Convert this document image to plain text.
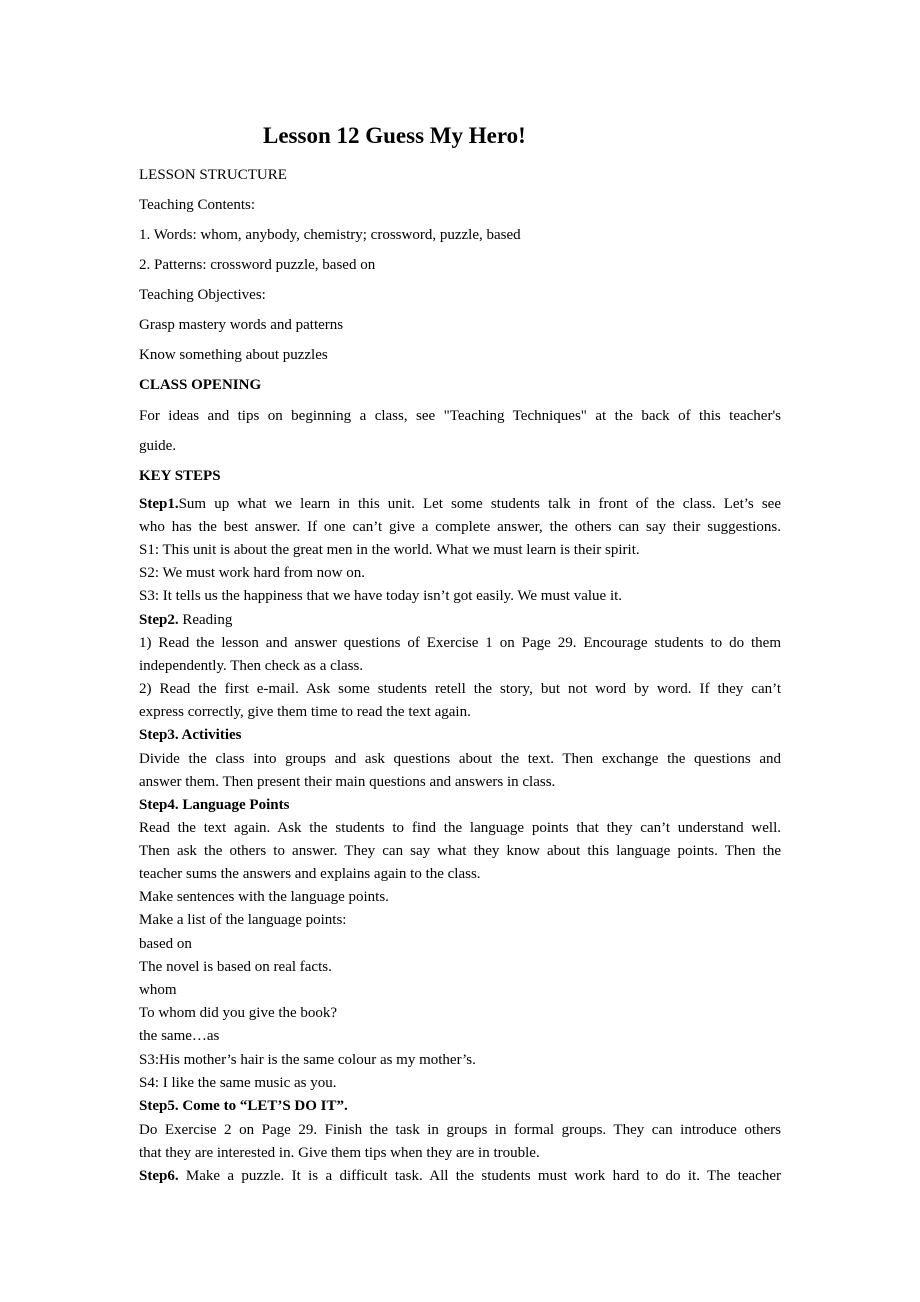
Lesson 12 Guess My Hero!
LESSON STRUCTURE
Teaching Contents:
1. Words: whom, anybody, chemistry; crossword, puzzle, based
2. Patterns: crossword puzzle, based on
Teaching Objectives:
Grasp mastery words and patterns
Know something about puzzles
CLASS OPENING
For ideas and tips on beginning a class, see "Teaching Techniques" at the back of this teacher's
guide.
KEY STEPS
Step1.Sum up what we learn in this unit. Let some students talk in front of the class. Let’s see
who has the best answer. If one can’t give a complete answer, the others can say their suggestions.
S1: This unit is about the great men in the world. What we must learn is their spirit.
S2: We must work hard from now on.
S3: It tells us the happiness that we have today isn’t got easily. We must value it.
Step2. Reading
1) Read the lesson and answer questions of Exercise 1 on Page 29. Encourage students to do them
independently. Then check as a class.
2) Read the first e-mail. Ask some students retell the story, but not word by word. If they can’t
express correctly, give them time to read the text again.
Step3. Activities
Divide the class into groups and ask questions about the text. Then exchange the questions and
answer them. Then present their main questions and answers in class.
Step4. Language Points
Read the text again. Ask the students to find the language points that they can’t understand well.
Then ask the others to answer. They can say what they know about this language points. Then the
teacher sums the answers and explains again to the class.
Make sentences with the language points.
Make a list of the language points:
based on
The novel is based on real facts.
whom
To whom did you give the book?
the same…as
S3:His mother’s hair is the same colour as my mother’s.
S4: I like the same music as you.
Step5. Come to “LET’S DO IT”.
Do Exercise 2 on Page 29. Finish the task in groups in formal groups. They can introduce others
that they are interested in. Give them tips when they are in trouble.
Step6. Make a puzzle. It is a difficult task. All the students must work hard to do it. The teacher
